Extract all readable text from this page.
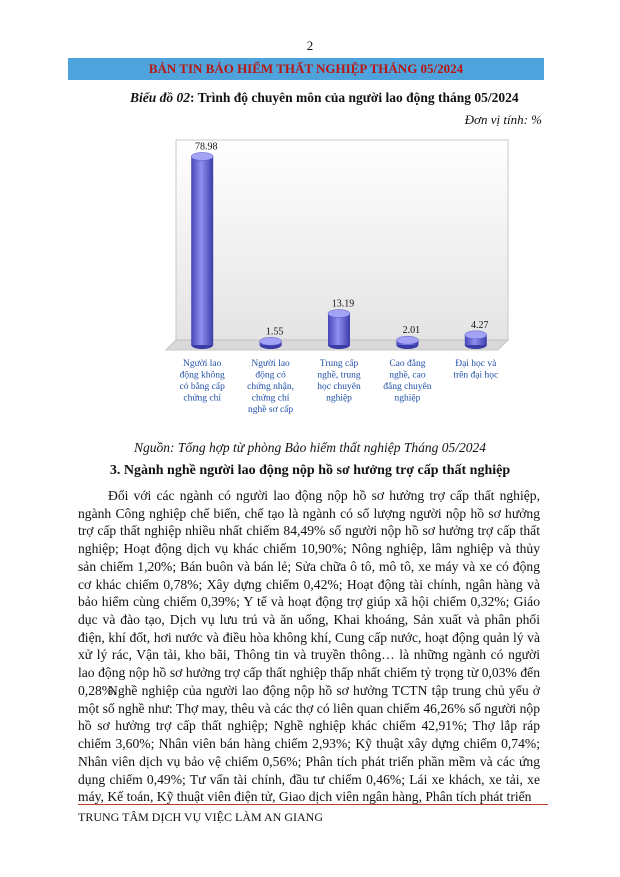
2
BẢN TIN BẢO HIỂM THẤT NGHIỆP THÁNG 05/2024
Biểu đồ 02: Trình độ chuyên môn của người lao động tháng 05/2024
Đơn vị tính: %
78.98
Người lao động không có bằng cấp chứng chỉ
1.55
Người lao động có chứng nhận, chứng chỉ nghề sơ cấp
13.19
Trung cấp nghề, trung học chuyên nghiệp
2.01
Cao đẳng nghề, cao đẳng chuyên nghiệp
4.27
Đại học và trên đại học
Nguồn: Tổng hợp từ phòng Bảo hiểm thất nghiệp Tháng 05/2024
3. Ngành nghề người lao động nộp hồ sơ hưởng trợ cấp thất nghiệp

Đối với các ngành có người lao động nộp hồ sơ hưởng trợ cấp thất nghiệp, ngành Công nghiệp chế biến, chế tạo là ngành có số lượng người nộp hồ sơ hưởng trợ cấp thất nghiệp nhiều nhất chiếm 84,49% số người nộp hồ sơ hưởng trợ cấp thất nghiệp; Hoạt động dịch vụ khác chiếm 10,90%; Nông nghiệp, lâm nghiệp và thủy sản chiếm 1,20%; Bán buôn và bán lẻ; Sửa chữa ô tô, mô tô, xe máy và xe có động cơ khác chiếm 0,78%; Xây dựng chiếm 0,42%; Hoạt động tài chính, ngân hàng và bảo hiểm cùng chiếm 0,39%; Y tế và hoạt động trợ giúp xã hội chiếm 0,32%; Giáo dục và đào tạo, Dịch vụ lưu trú và ăn uống, Khai khoáng, Sản xuất và phân phối điện, khí đốt, hơi nước và điều hòa không khí, Cung cấp nước, hoạt động quản lý và xử lý rác, Vận tải, kho bãi, Thông tin và truyền thông… là những ngành có người lao động nộp hồ sơ hưởng trợ cấp thất nghiệp thấp nhất chiếm tỷ trọng từ 0,03% đến 0,28%.

Nghề nghiệp của người lao động nộp hồ sơ hưởng TCTN tập trung chủ yếu ở một số nghề như: Thợ may, thêu và các thợ có liên quan chiếm 46,26% số người nộp hồ sơ hưởng trợ cấp thất nghiệp; Nghề nghiệp khác chiếm 42,91%; Thợ lắp ráp chiếm 3,60%; Nhân viên bán hàng chiếm 2,93%; Kỹ thuật xây dựng chiếm 0,74%; Nhân viên dịch vụ bảo vệ chiếm 0,56%; Phân tích phát triển phần mềm và các ứng dụng chiếm 0,49%; Tư vấn tài chính, đầu tư chiếm 0,46%; Lái xe khách, xe tải, xe máy, Kế toán, Kỹ thuật viên điện tử, Giao dịch viên ngân hàng, Phân tích phát triển

TRUNG TÂM DỊCH VỤ VIỆC LÀM AN GIANG
